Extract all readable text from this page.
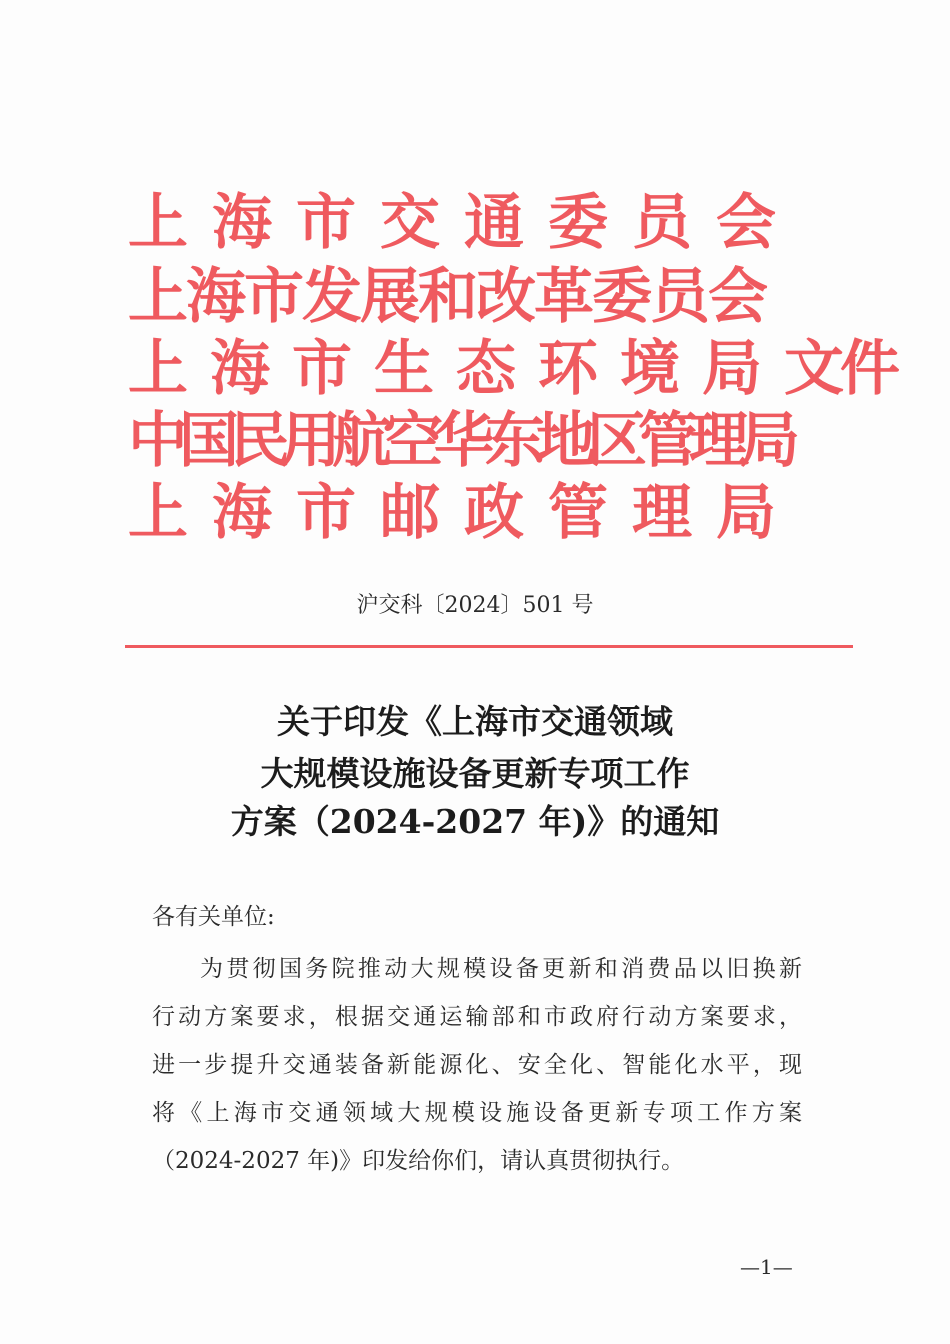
上海市交通委员会
上海市发展和改革委员会
上海市生态环境局文件
中国民用航空华东地区管理局
上海市邮政管理局
沪交科〔2024〕501 号
关于印发《上海市交通领域
大规模设施设备更新专项工作
方案（2024-2027 年)》的通知
各有关单位:
为贯彻国务院推动大规模设备更新和消费品以旧换新
行动方案要求，根据交通运输部和市政府行动方案要求，
进一步提升交通装备新能源化、安全化、智能化水平，现
将《上海市交通领域大规模设施设备更新专项工作方案
（2024-2027 年)》印发给你们，请认真贯彻执行。
—1—
